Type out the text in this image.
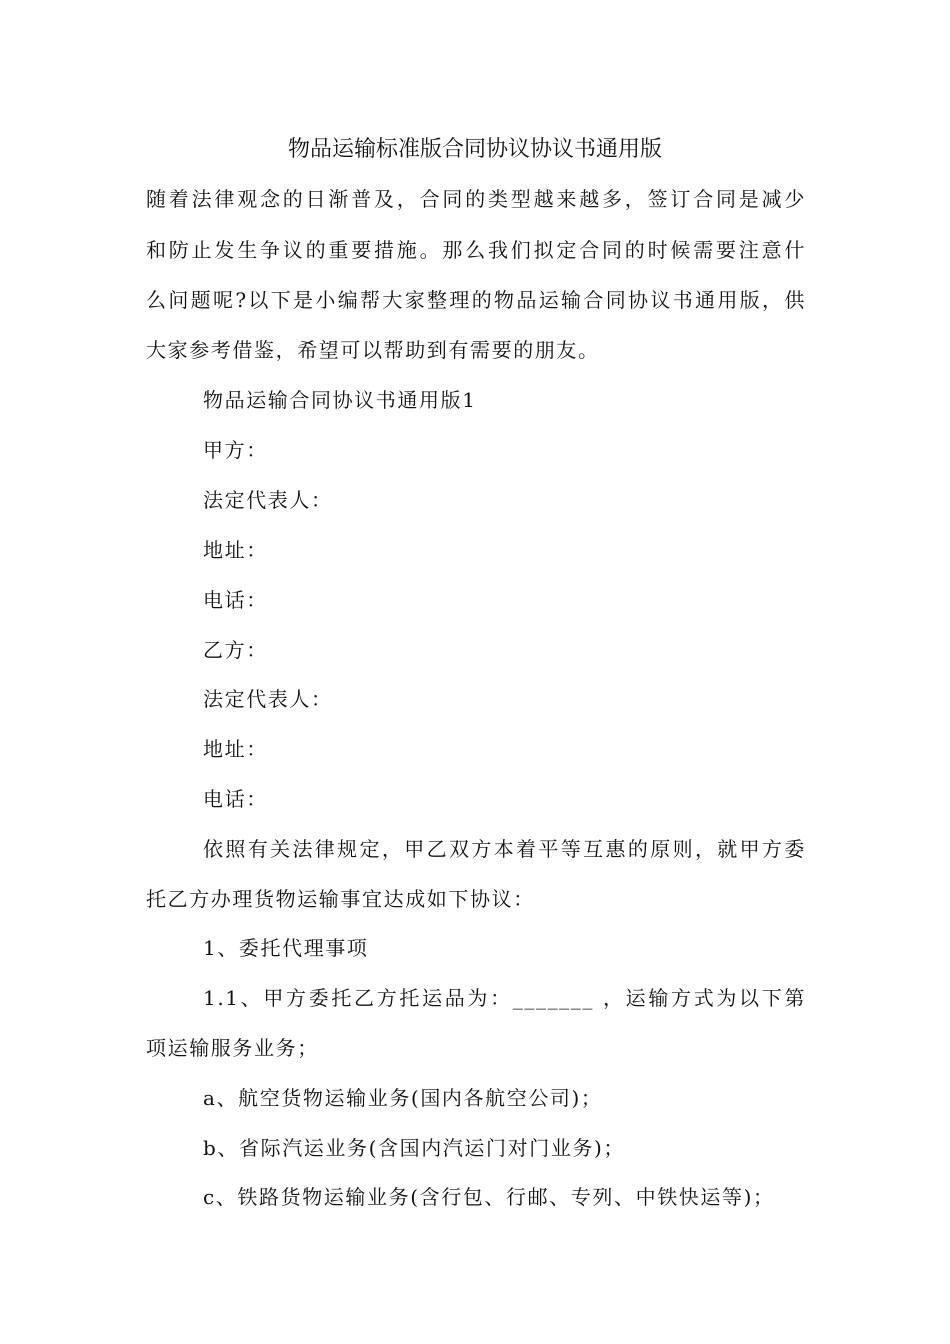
物品运输标准版合同协议协议书通用版
随着法律观念的日渐普及，合同的类型越来越多，签订合同是减少
和防止发生争议的重要措施。那么我们拟定合同的时候需要注意什
么问题呢?以下是小编帮大家整理的物品运输合同协议书通用版，供
大家参考借鉴，希望可以帮助到有需要的朋友。
物品运输合同协议书通用版1
甲方：
法定代表人：
地址：
电话：
乙方：
法定代表人：
地址：
电话：
依照有关法律规定，甲乙双方本着平等互惠的原则，就甲方委
托乙方办理货物运输事宜达成如下协议：
1、委托代理事项
1.1、甲方委托乙方托运品为：_______ ，运输方式为以下第
项运输服务业务；
a、航空货物运输业务(国内各航空公司)；
b、省际汽运业务(含国内汽运门对门业务)；
c、铁路货物运输业务(含行包、行邮、专列、中铁快运等)；
